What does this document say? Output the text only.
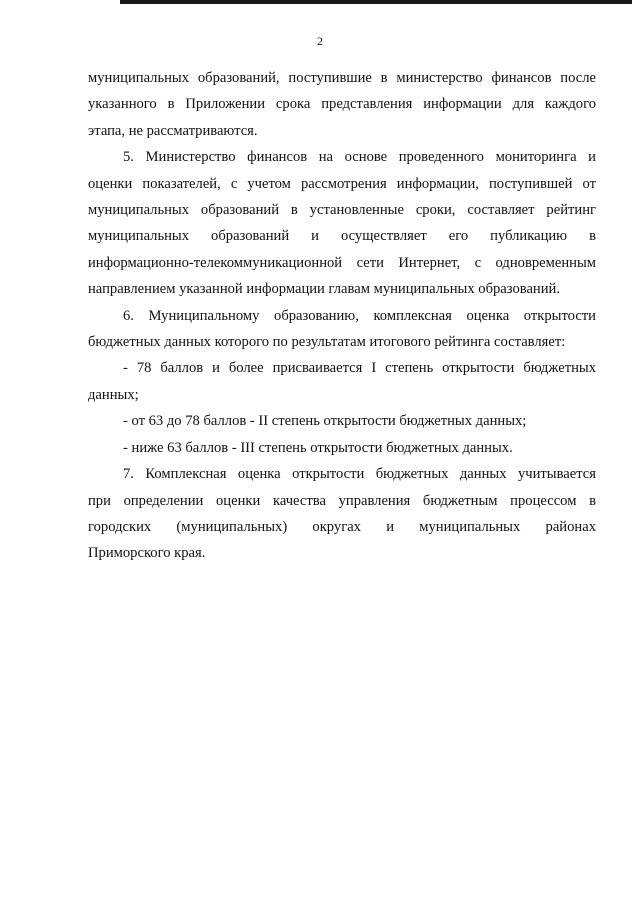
2

муниципальных образований, поступившие в министерство финансов после
указанного в Приложении срока представления информации для каждого
этапа, не рассматриваются.

5. Министерство финансов на основе проведенного мониторинга и
оценки показателей, с учетом рассмотрения информации, поступившей от
муниципальных образований в установленные сроки, составляет рейтинг
муниципальных образований и осуществляет его публикацию в
информационно-телекоммуникационной сети Интернет, с одновременным
направлением указанной информации главам муниципальных образований.

6. Муниципальному образованию, комплексная оценка открытости
бюджетных данных которого по результатам итогового рейтинга составляет:

- 78 баллов и более присваивается I степень открытости бюджетных
данных;

- от 63 до 78 баллов - II степень открытости бюджетных данных;

- ниже 63 баллов - III степень открытости бюджетных данных.

7. Комплексная оценка открытости бюджетных данных учитывается
при определении оценки качества управления бюджетным процессом в
городских (муниципальных) округах и муниципальных районах
Приморского края.
